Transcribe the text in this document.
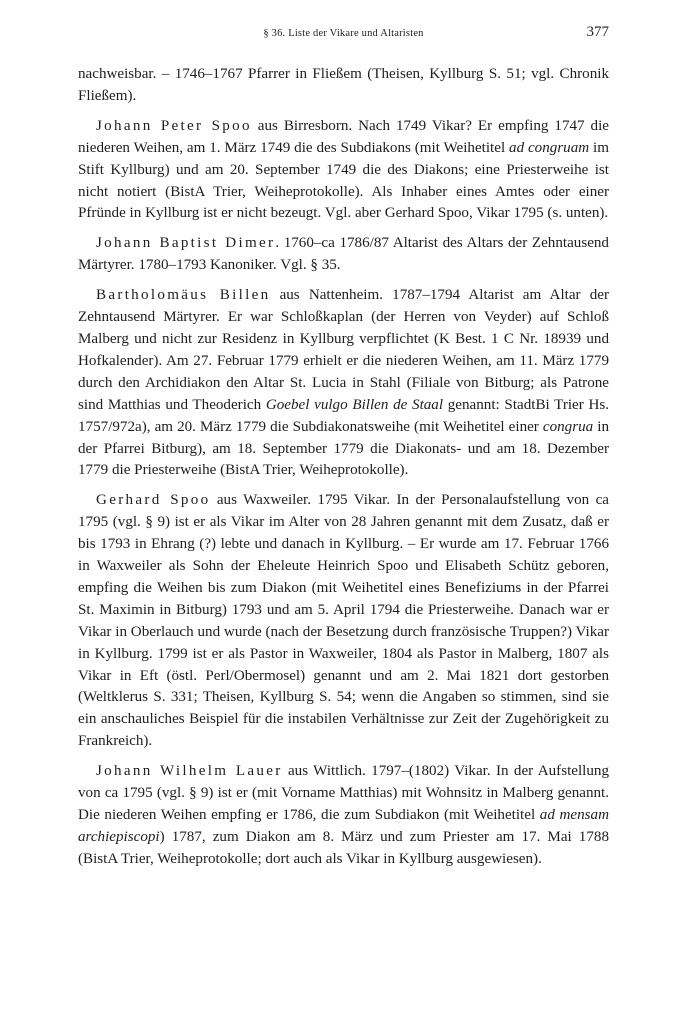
§ 36. Liste der Vikare und Altaristen	377

nachweisbar. – 1746–1767 Pfarrer in Fließem (Theisen, Kyllburg S. 51; vgl. Chronik Fließem).

Johann Peter Spoo aus Birresborn. Nach 1749 Vikar? Er empfing 1747 die niederen Weihen, am 1. März 1749 die des Subdiakons (mit Weihetitel ad congruam im Stift Kyllburg) und am 20. September 1749 die des Diakons; eine Priesterweihe ist nicht notiert (BistA Trier, Weiheprotokolle). Als Inhaber eines Amtes oder einer Pfründe in Kyllburg ist er nicht bezeugt. Vgl. aber Gerhard Spoo, Vikar 1795 (s. unten).

Johann Baptist Dimer. 1760–ca 1786/87 Altarist des Altars der Zehntausend Märtyrer. 1780–1793 Kanoniker. Vgl. § 35.

Bartholomäus Billen aus Nattenheim. 1787–1794 Altarist am Altar der Zehntausend Märtyrer. Er war Schloßkaplan (der Herren von Veyder) auf Schloß Malberg und nicht zur Residenz in Kyllburg verpflichtet (K Best. 1 C Nr. 18939 und Hofkalender). Am 27. Februar 1779 erhielt er die niederen Weihen, am 11. März 1779 durch den Archidiakon den Altar St. Lucia in Stahl (Filiale von Bitburg; als Patrone sind Matthias und Theoderich Goebel vulgo Billen de Staal genannt: StadtBi Trier Hs. 1757/972a), am 20. März 1779 die Subdiakonatsweihe (mit Weihetitel einer congrua in der Pfarrei Bitburg), am 18. September 1779 die Diakonats- und am 18. Dezember 1779 die Priesterweihe (BistA Trier, Weiheprotokolle).

Gerhard Spoo aus Waxweiler. 1795 Vikar. In der Personalaufstellung von ca 1795 (vgl. § 9) ist er als Vikar im Alter von 28 Jahren genannt mit dem Zusatz, daß er bis 1793 in Ehrang (?) lebte und danach in Kyllburg. – Er wurde am 17. Februar 1766 in Waxweiler als Sohn der Eheleute Heinrich Spoo und Elisabeth Schütz geboren, empfing die Weihen bis zum Diakon (mit Weihetitel eines Benefiziums in der Pfarrei St. Maximin in Bitburg) 1793 und am 5. April 1794 die Priesterweihe. Danach war er Vikar in Oberlauch und wurde (nach der Besetzung durch französische Truppen?) Vikar in Kyllburg. 1799 ist er als Pastor in Waxweiler, 1804 als Pastor in Malberg, 1807 als Vikar in Eft (östl. Perl/Obermosel) genannt und am 2. Mai 1821 dort gestorben (Weltklerus S. 331; Theisen, Kyllburg S. 54; wenn die Angaben so stimmen, sind sie ein anschauliches Beispiel für die instabilen Verhältnisse zur Zeit der Zugehörigkeit zu Frankreich).

Johann Wilhelm Lauer aus Wittlich. 1797–(1802) Vikar. In der Aufstellung von ca 1795 (vgl. § 9) ist er (mit Vorname Matthias) mit Wohnsitz in Malberg genannt. Die niederen Weihen empfing er 1786, die zum Subdiakon (mit Weihetitel ad mensam archiepiscopi) 1787, zum Diakon am 8. März und zum Priester am 17. Mai 1788 (BistA Trier, Weiheprotokolle; dort auch als Vikar in Kyllburg ausgewiesen).
